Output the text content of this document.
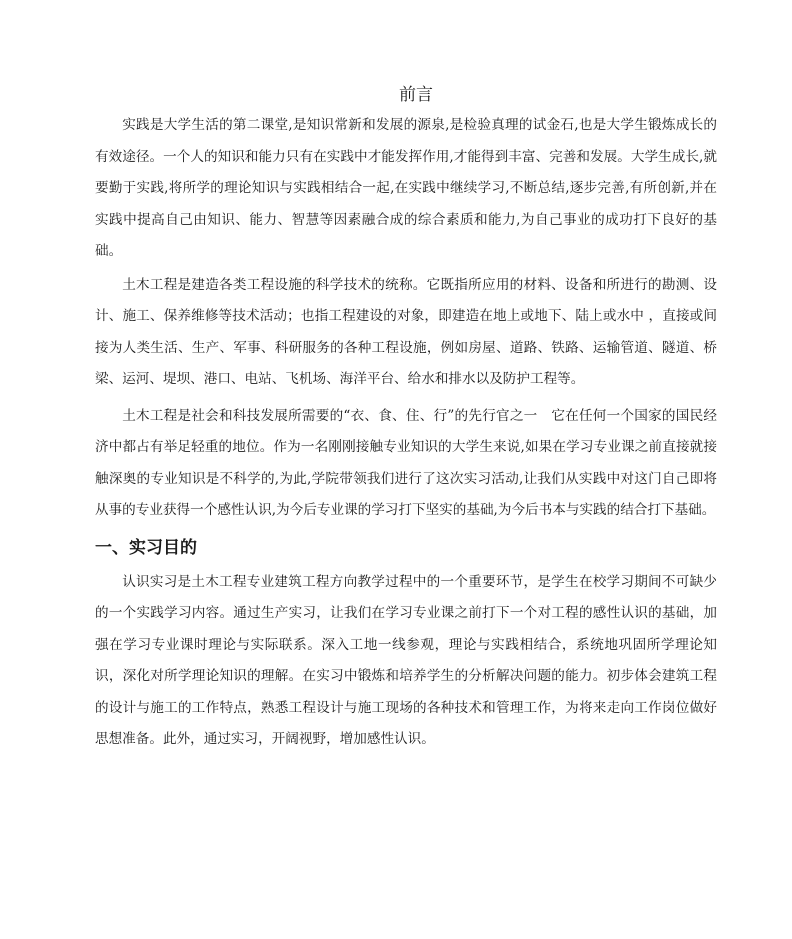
前言

实践是大学生活的第二课堂,是知识常新和发展的源泉,是检验真理的试金石,也是大学生锻炼成长的有效途径。一个人的知识和能力只有在实践中才能发挥作用,才能得到丰富、完善和发展。大学生成长,就要勤于实践,将所学的理论知识与实践相结合一起,在实践中继续学习,不断总结,逐步完善,有所创新,并在实践中提高自己由知识、能力、智慧等因素融合成的综合素质和能力,为自己事业的成功打下良好的基础。

土木工程是建造各类工程设施的科学技术的统称。它既指所应用的材料、设备和所进行的勘测、设计、施工、保养维修等技术活动；也指工程建设的对象，即建造在地上或地下、陆上或水中 ，直接或间接为人类生活、生产、军事、科研服务的各种工程设施，例如房屋、道路、铁路、运输管道、隧道、桥梁、运河、堤坝、港口、电站、飞机场、海洋平台、给水和排水以及防护工程等。

土木工程是社会和科技发展所需要的“衣、食、住、行”的先行官之一　它在任何一个国家的国民经济中都占有举足轻重的地位。作为一名刚刚接触专业知识的大学生来说,如果在学习专业课之前直接就接触深奥的专业知识是不科学的,为此,学院带领我们进行了这次实习活动,让我们从实践中对这门自己即将从事的专业获得一个感性认识,为今后专业课的学习打下坚实的基础,为今后书本与实践的结合打下基础。

一、实习目的

认识实习是土木工程专业建筑工程方向教学过程中的一个重要环节，是学生在校学习期间不可缺少的一个实践学习内容。通过生产实习，让我们在学习专业课之前打下一个对工程的感性认识的基础，加强在学习专业课时理论与实际联系。深入工地一线参观，理论与实践相结合，系统地巩固所学理论知识，深化对所学理论知识的理解。在实习中锻炼和培养学生的分析解决问题的能力。初步体会建筑工程的设计与施工的工作特点，熟悉工程设计与施工现场的各种技术和管理工作，为将来走向工作岗位做好思想准备。此外，通过实习，开阔视野，增加感性认识。
